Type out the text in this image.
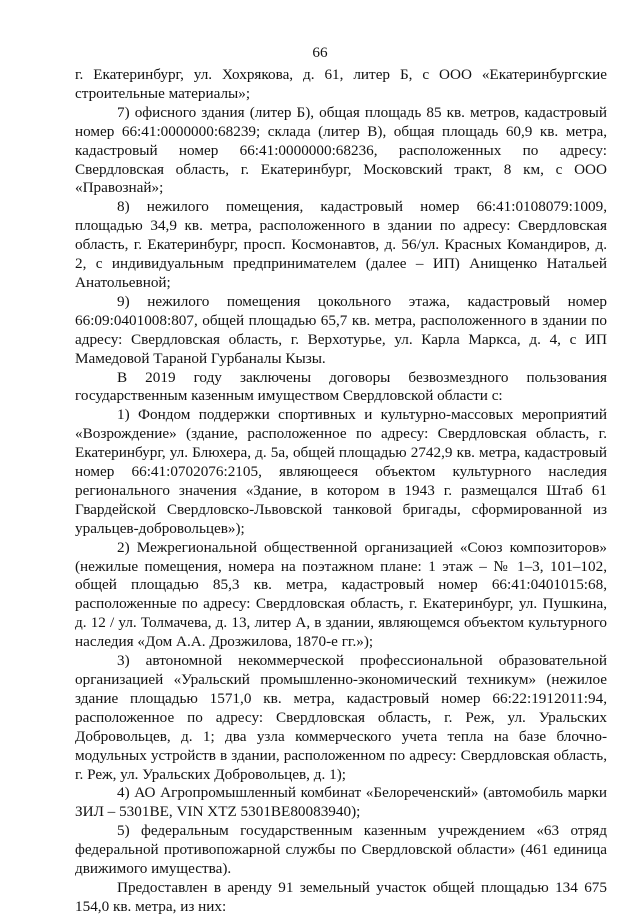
66

г. Екатеринбург, ул. Хохрякова, д. 61, литер Б, с ООО «Екатеринбургские строительные материалы»;

7) офисного здания (литер Б), общая площадь 85 кв. метров, кадастровый номер 66:41:0000000:68239; склада (литер В), общая площадь 60,9 кв. метра, кадастровый номер 66:41:0000000:68236, расположенных по адресу: Свердловская область, г. Екатеринбург, Московский тракт, 8 км, с ООО «Правознай»;

8) нежилого помещения, кадастровый номер 66:41:0108079:1009, площадью 34,9 кв. метра, расположенного в здании по адресу: Свердловская область, г. Екатеринбург, просп. Космонавтов, д. 56/ул. Красных Командиров, д. 2, с индивидуальным предпринимателем (далее – ИП) Анищенко Натальей Анатольевной;

9) нежилого помещения цокольного этажа, кадастровый номер 66:09:0401008:807, общей площадью 65,7 кв. метра, расположенного в здании по адресу: Свердловская область, г. Верхотурье, ул. Карла Маркса, д. 4, с ИП Мамедовой Тараной Гурбаналы Кызы.

В 2019 году заключены договоры безвозмездного пользования государственным казенным имуществом Свердловской области с:

1) Фондом поддержки спортивных и культурно-массовых мероприятий «Возрождение» (здание, расположенное по адресу: Свердловская область, г. Екатеринбург, ул. Блюхера, д. 5а, общей площадью 2742,9 кв. метра, кадастровый номер 66:41:0702076:2105, являющееся объектом культурного наследия регионального значения «Здание, в котором в 1943 г. размещался Штаб 61 Гвардейской Свердловско-Львовской танковой бригады, сформированной из уральцев-добровольцев»);

2) Межрегиональной общественной организацией «Союз композиторов» (нежилые помещения, номера на поэтажном плане: 1 этаж – № 1–3, 101–102, общей площадью 85,3 кв. метра, кадастровый номер 66:41:0401015:68, расположенные по адресу: Свердловская область, г. Екатеринбург, ул. Пушкина, д. 12 / ул. Толмачева, д. 13, литер А, в здании, являющемся объектом культурного наследия «Дом А.А. Дрозжилова, 1870-е гг.»);

3) автономной некоммерческой профессиональной образовательной организацией «Уральский промышленно-экономический техникум» (нежилое здание площадью 1571,0 кв. метра, кадастровый номер 66:22:1912011:94, расположенное по адресу: Свердловская область, г. Реж, ул. Уральских Добровольцев, д. 1; два узла коммерческого учета тепла на базе блочно-модульных устройств в здании, расположенном по адресу: Свердловская область, г. Реж, ул. Уральских Добровольцев, д. 1);

4) АО Агропромышленный комбинат «Белореченский» (автомобиль марки ЗИЛ – 5301ВЕ, VIN XTZ 5301BE80083940);

5) федеральным государственным казенным учреждением «63 отряд федеральной противопожарной службы по Свердловской области» (461 единица движимого имущества).

Предоставлен в аренду 91 земельный участок общей площадью 134 675 154,0 кв. метра, из них:
